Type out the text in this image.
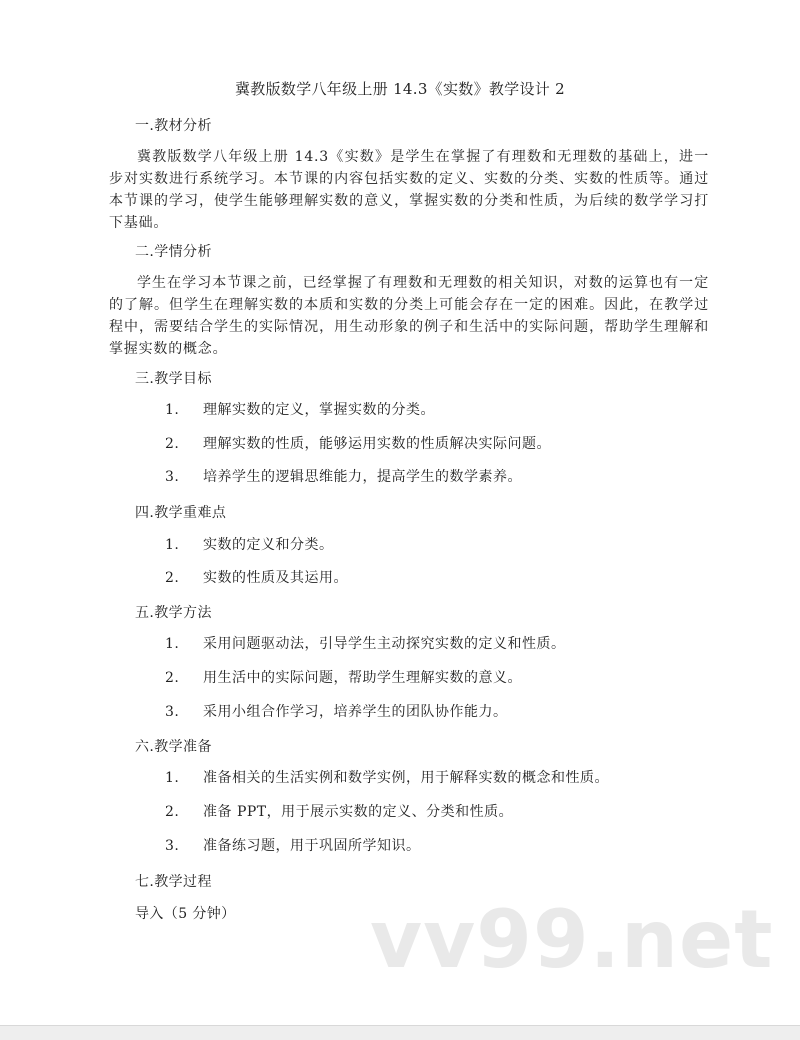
冀教版数学八年级上册 14.3《实数》教学设计 2
一.教材分析
冀教版数学八年级上册 14.3《实数》是学生在掌握了有理数和无理数的基础上，进一步对实数进行系统学习。本节课的内容包括实数的定义、实数的分类、实数的性质等。通过本节课的学习，使学生能够理解实数的意义，掌握实数的分类和性质，为后续的数学学习打下基础。
二.学情分析
学生在学习本节课之前，已经掌握了有理数和无理数的相关知识，对数的运算也有一定的了解。但学生在理解实数的本质和实数的分类上可能会存在一定的困难。因此，在教学过程中，需要结合学生的实际情况，用生动形象的例子和生活中的实际问题，帮助学生理解和掌握实数的概念。
三.教学目标
1. 理解实数的定义，掌握实数的分类。
2. 理解实数的性质，能够运用实数的性质解决实际问题。
3. 培养学生的逻辑思维能力，提高学生的数学素养。
四.教学重难点
1. 实数的定义和分类。
2. 实数的性质及其运用。
五.教学方法
1. 采用问题驱动法，引导学生主动探究实数的定义和性质。
2. 用生活中的实际问题，帮助学生理解实数的意义。
3. 采用小组合作学习，培养学生的团队协作能力。
六.教学准备
1. 准备相关的生活实例和数学实例，用于解释实数的概念和性质。
2. 准备 PPT，用于展示实数的定义、分类和性质。
3. 准备练习题，用于巩固所学知识。
七.教学过程
导入（5 分钟） vv99.net
